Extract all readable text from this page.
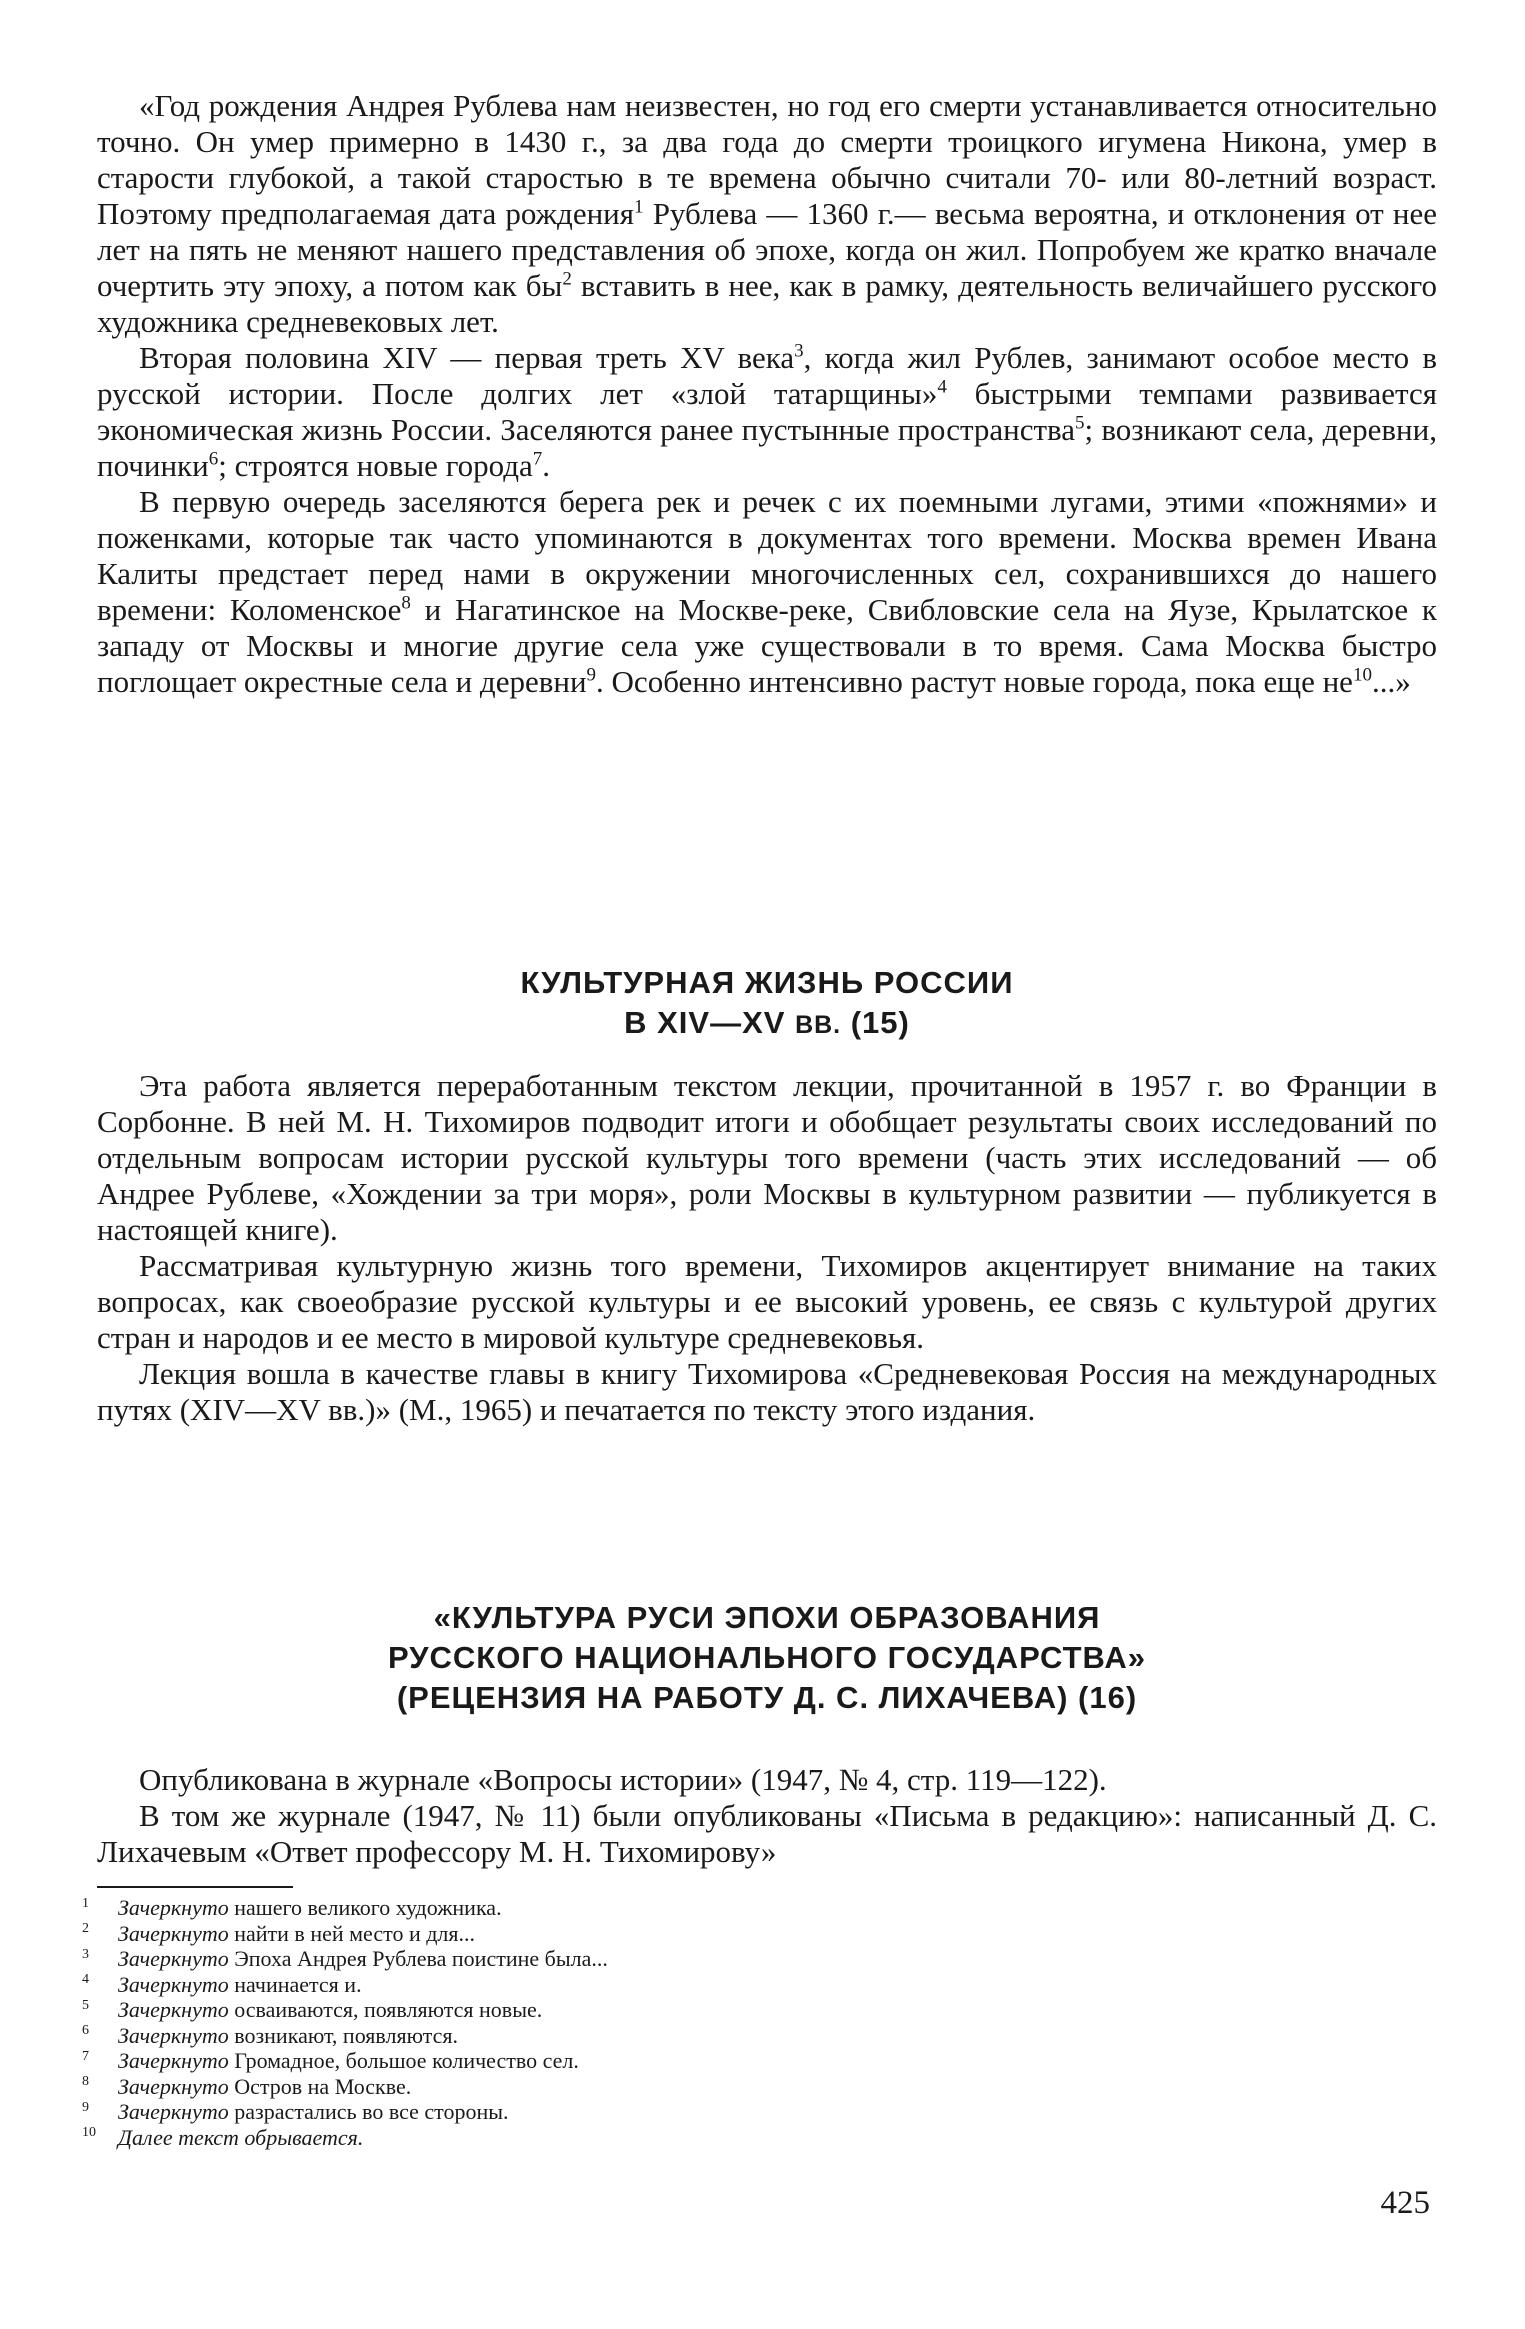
«Год рождения Андрея Рублева нам неизвестен, но год его смерти устанавливается относительно точно. Он умер примерно в 1430 г., за два года до смерти троицкого игумена Никона, умер в старости глубокой, а такой старостью в те времена обычно считали 70- или 80-летний возраст. Поэтому предполагаемая дата рождения$^1$ Рублева — 1360 г.— весьма вероятна, и отклонения от нее лет на пять не меняют нашего представления об эпохе, когда он жил. Попробуем же кратко вначале очертить эту эпоху, а потом как $бы^2$ вставить в нее, как в рамку, деятельность величайшего русского художника средневековых лет.

Вторая половина XIV — первая треть XV века$^3$, когда жил Рублев, занимают особое место в русской истории. После долгих лет «злой татарщины»$^4$ быстрыми темпами развивается экономическая жизнь России. Заселяются ранее пустынные пространства$^5$; возникают села, деревни, починки$^6$; строятся новые города$^7$.

В первую очередь заселяются берега рек и речек с их поемными лугами, этими «пожнями» и поженками, которые так часто упоминаются в документах того времени. Москва времен Ивана Калиты предстает перед нами в окружении многочисленных сел, сохранившихся до нашего времени: Коломенское$^8$ и Нагатинское на Москве-реке, Свибловские села на Яузе, Крылатское к западу от Москвы и многие другие села уже существовали в то время. Сама Москва быстро поглощает окрестные села и деревни$^9$. Особенно интенсивно растут новые города, пока еще $не^{10}$...»

КУЛЬТУРНАЯ ЖИЗНЬ РОССИИ
В XIV—XV ВВ. (15)

Эта работа является переработанным текстом лекции, прочитанной в 1957 г. во Франции в Сорбонне. В ней М. Н. Тихомиров подводит итоги и обобщает результаты своих исследований по отдельным вопросам истории русской культуры того времени (часть этих исследований — об Андрее Рублеве, «Хождении за три моря», роли Москвы в культурном развитии — публикуется в настоящей книге).

Рассматривая культурную жизнь того времени, Тихомиров акцентирует внимание на таких вопросах, как своеобразие русской культуры и ее высокий уровень, ее связь с культурой других стран и народов и ее место в мировой культуре средневековья.

Лекция вошла в качестве главы в книгу Тихомирова «Средневековая Россия на международных путях (XIV—XV вв.)» (М., 1965) и печатается по тексту этого издания.

«КУЛЬТУРА РУСИ ЭПОХИ ОБРАЗОВАНИЯ
РУССКОГО НАЦИОНАЛЬНОГО ГОСУДАРСТВА»
(РЕЦЕНЗИЯ НА РАБОТУ Д. С. ЛИХАЧЕВА) (16)

Опубликована в журнале «Вопросы истории» (1947, № 4, стр. 119—122).

В том же журнале (1947, № 11) были опубликованы «Письма в редакцию»: написанный Д. С. Лихачевым «Ответ профессору М. Н. Тихомирову»

1 Зачеркнуто нашего великого художника.
2 Зачеркнуто найти в ней место и для...
3 Зачеркнуто Эпоха Андрея Рублева поистине была...
4 Зачеркнуто начинается и.
5 Зачеркнуто осваиваются, появляются новые.
6 Зачеркнуто возникают, появляются.
7 Зачеркнуто Громадное, большое количество сел.
8 Зачеркнуто Остров на Москве.
9 Зачеркнуто разрастались во все стороны.
10 Далее текст обрывается.
425
